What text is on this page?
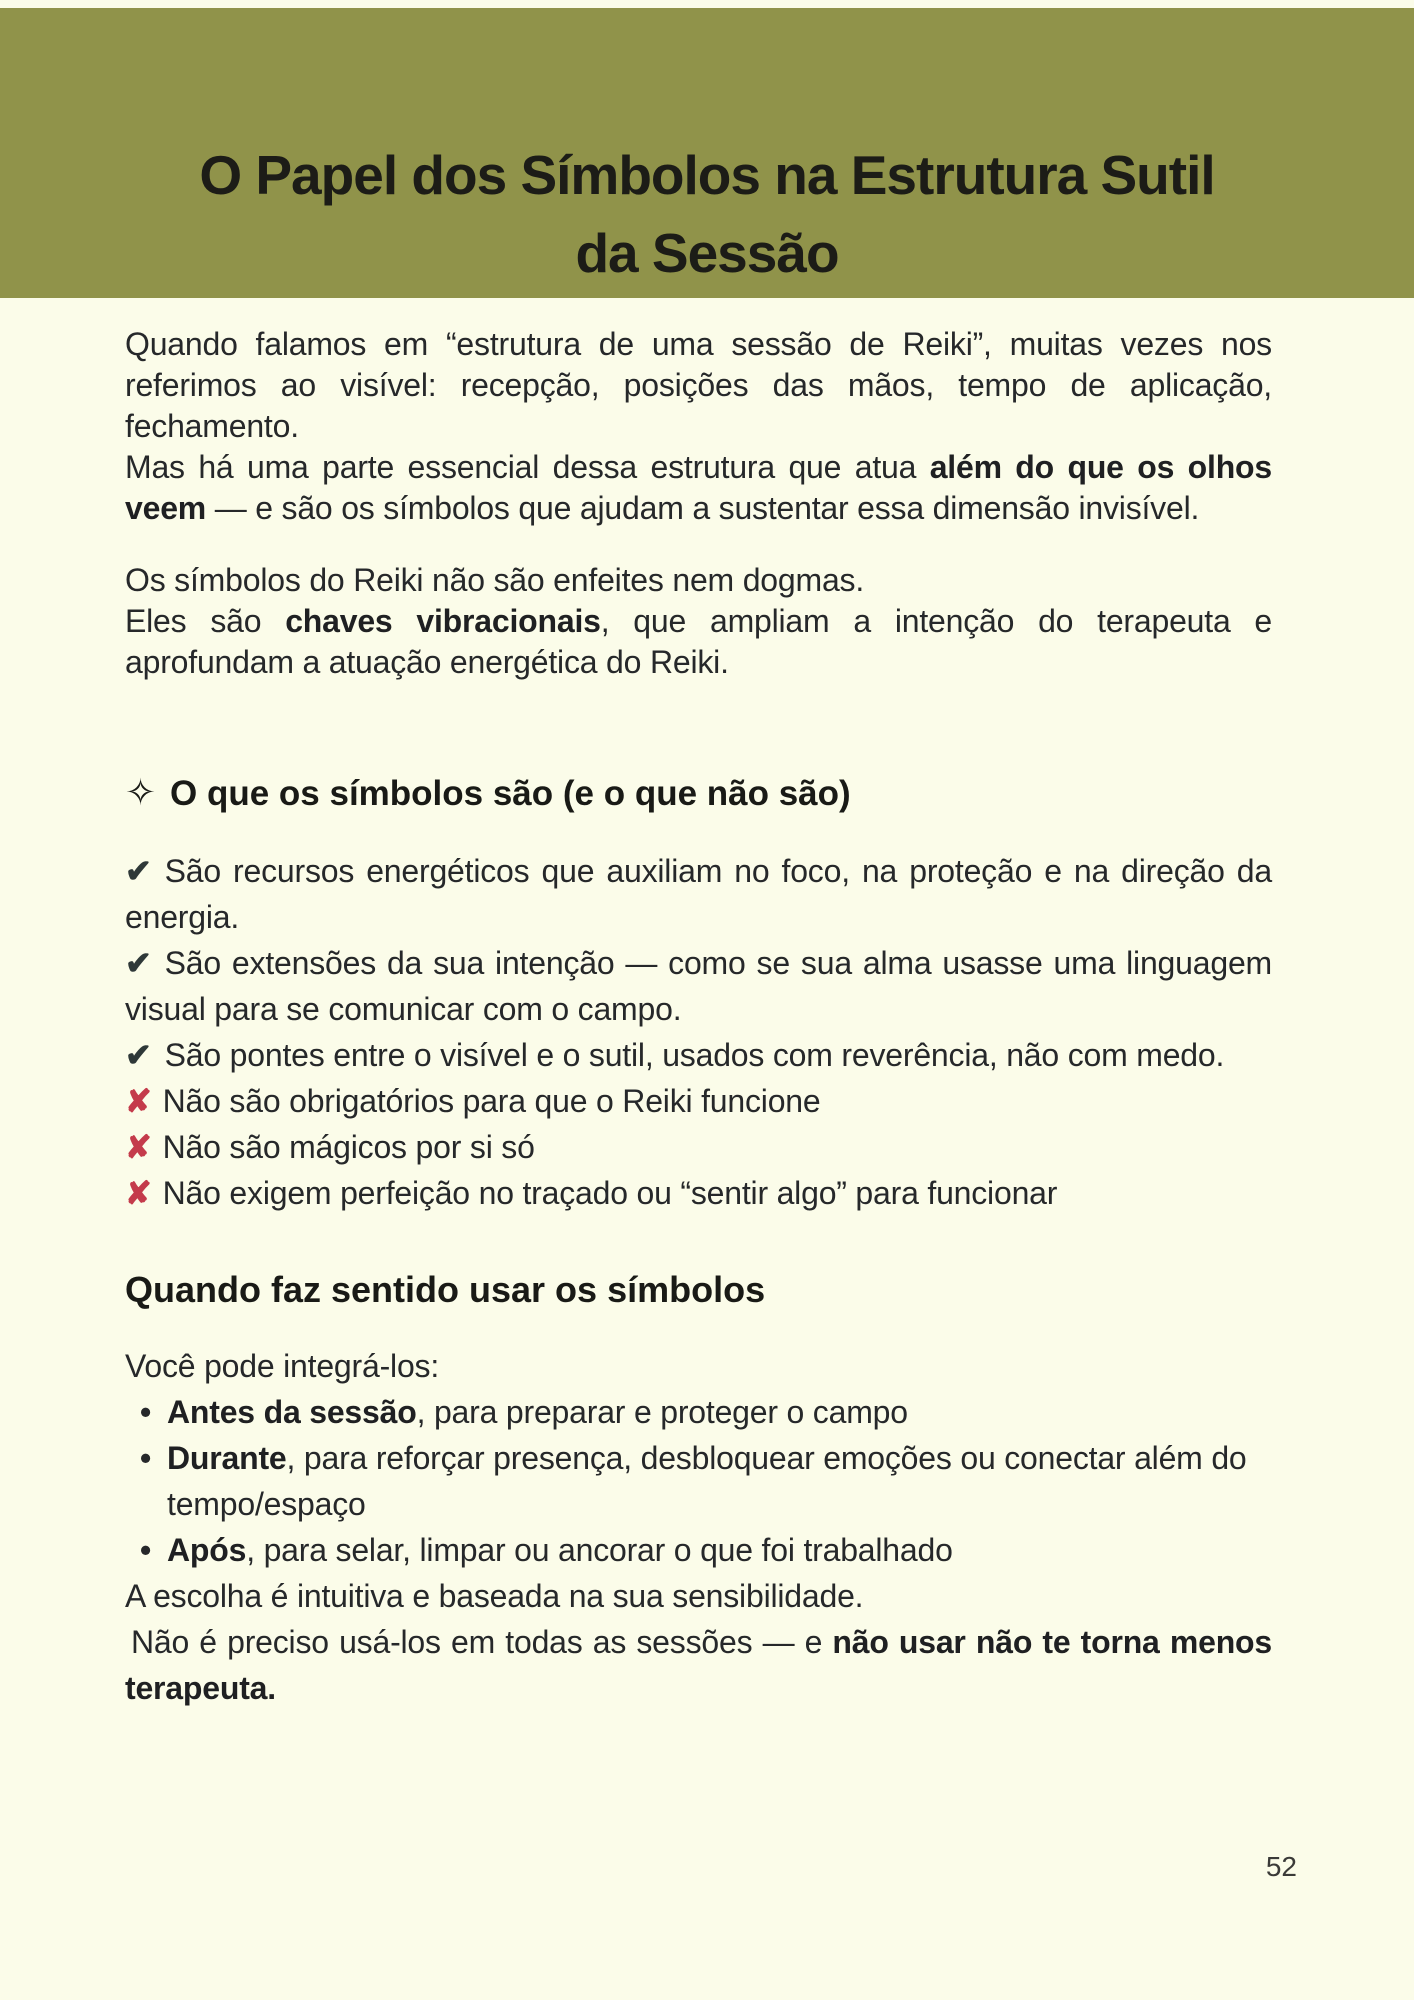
O Papel dos Símbolos na Estrutura Sutil
da Sessão

Quando falamos em “estrutura de uma sessão de Reiki”, muitas vezes nos referimos ao visível: recepção, posições das mãos, tempo de aplicação, fechamento.

Mas há uma parte essencial dessa estrutura que atua além do que os olhos veem — e são os símbolos que ajudam a sustentar essa dimensão invisível.

Os símbolos do Reiki não são enfeites nem dogmas.

Eles são chaves vibracionais, que ampliam a intenção do terapeuta e aprofundam a atuação energética do Reiki.

✧ O que os símbolos são (e o que não são)

✔ São recursos energéticos que auxiliam no foco, na proteção e na direção da energia.

✔ São extensões da sua intenção — como se sua alma usasse uma linguagem visual para se comunicar com o campo.

✔ São pontes entre o visível e o sutil, usados com reverência, não com medo.

✘ Não são obrigatórios para que o Reiki funcione

✘ Não são mágicos por si só

✘ Não exigem perfeição no traçado ou “sentir algo” para funcionar

Quando faz sentido usar os símbolos

Você pode integrá-los:

• Antes da sessão, para preparar e proteger o campo

• Durante, para reforçar presença, desbloquear emoções ou conectar além do tempo/espaço

• Após, para selar, limpar ou ancorar o que foi trabalhado

A escolha é intuitiva e baseada na sua sensibilidade.

Não é preciso usá-los em todas as sessões — e não usar não te torna menos terapeuta.

52
